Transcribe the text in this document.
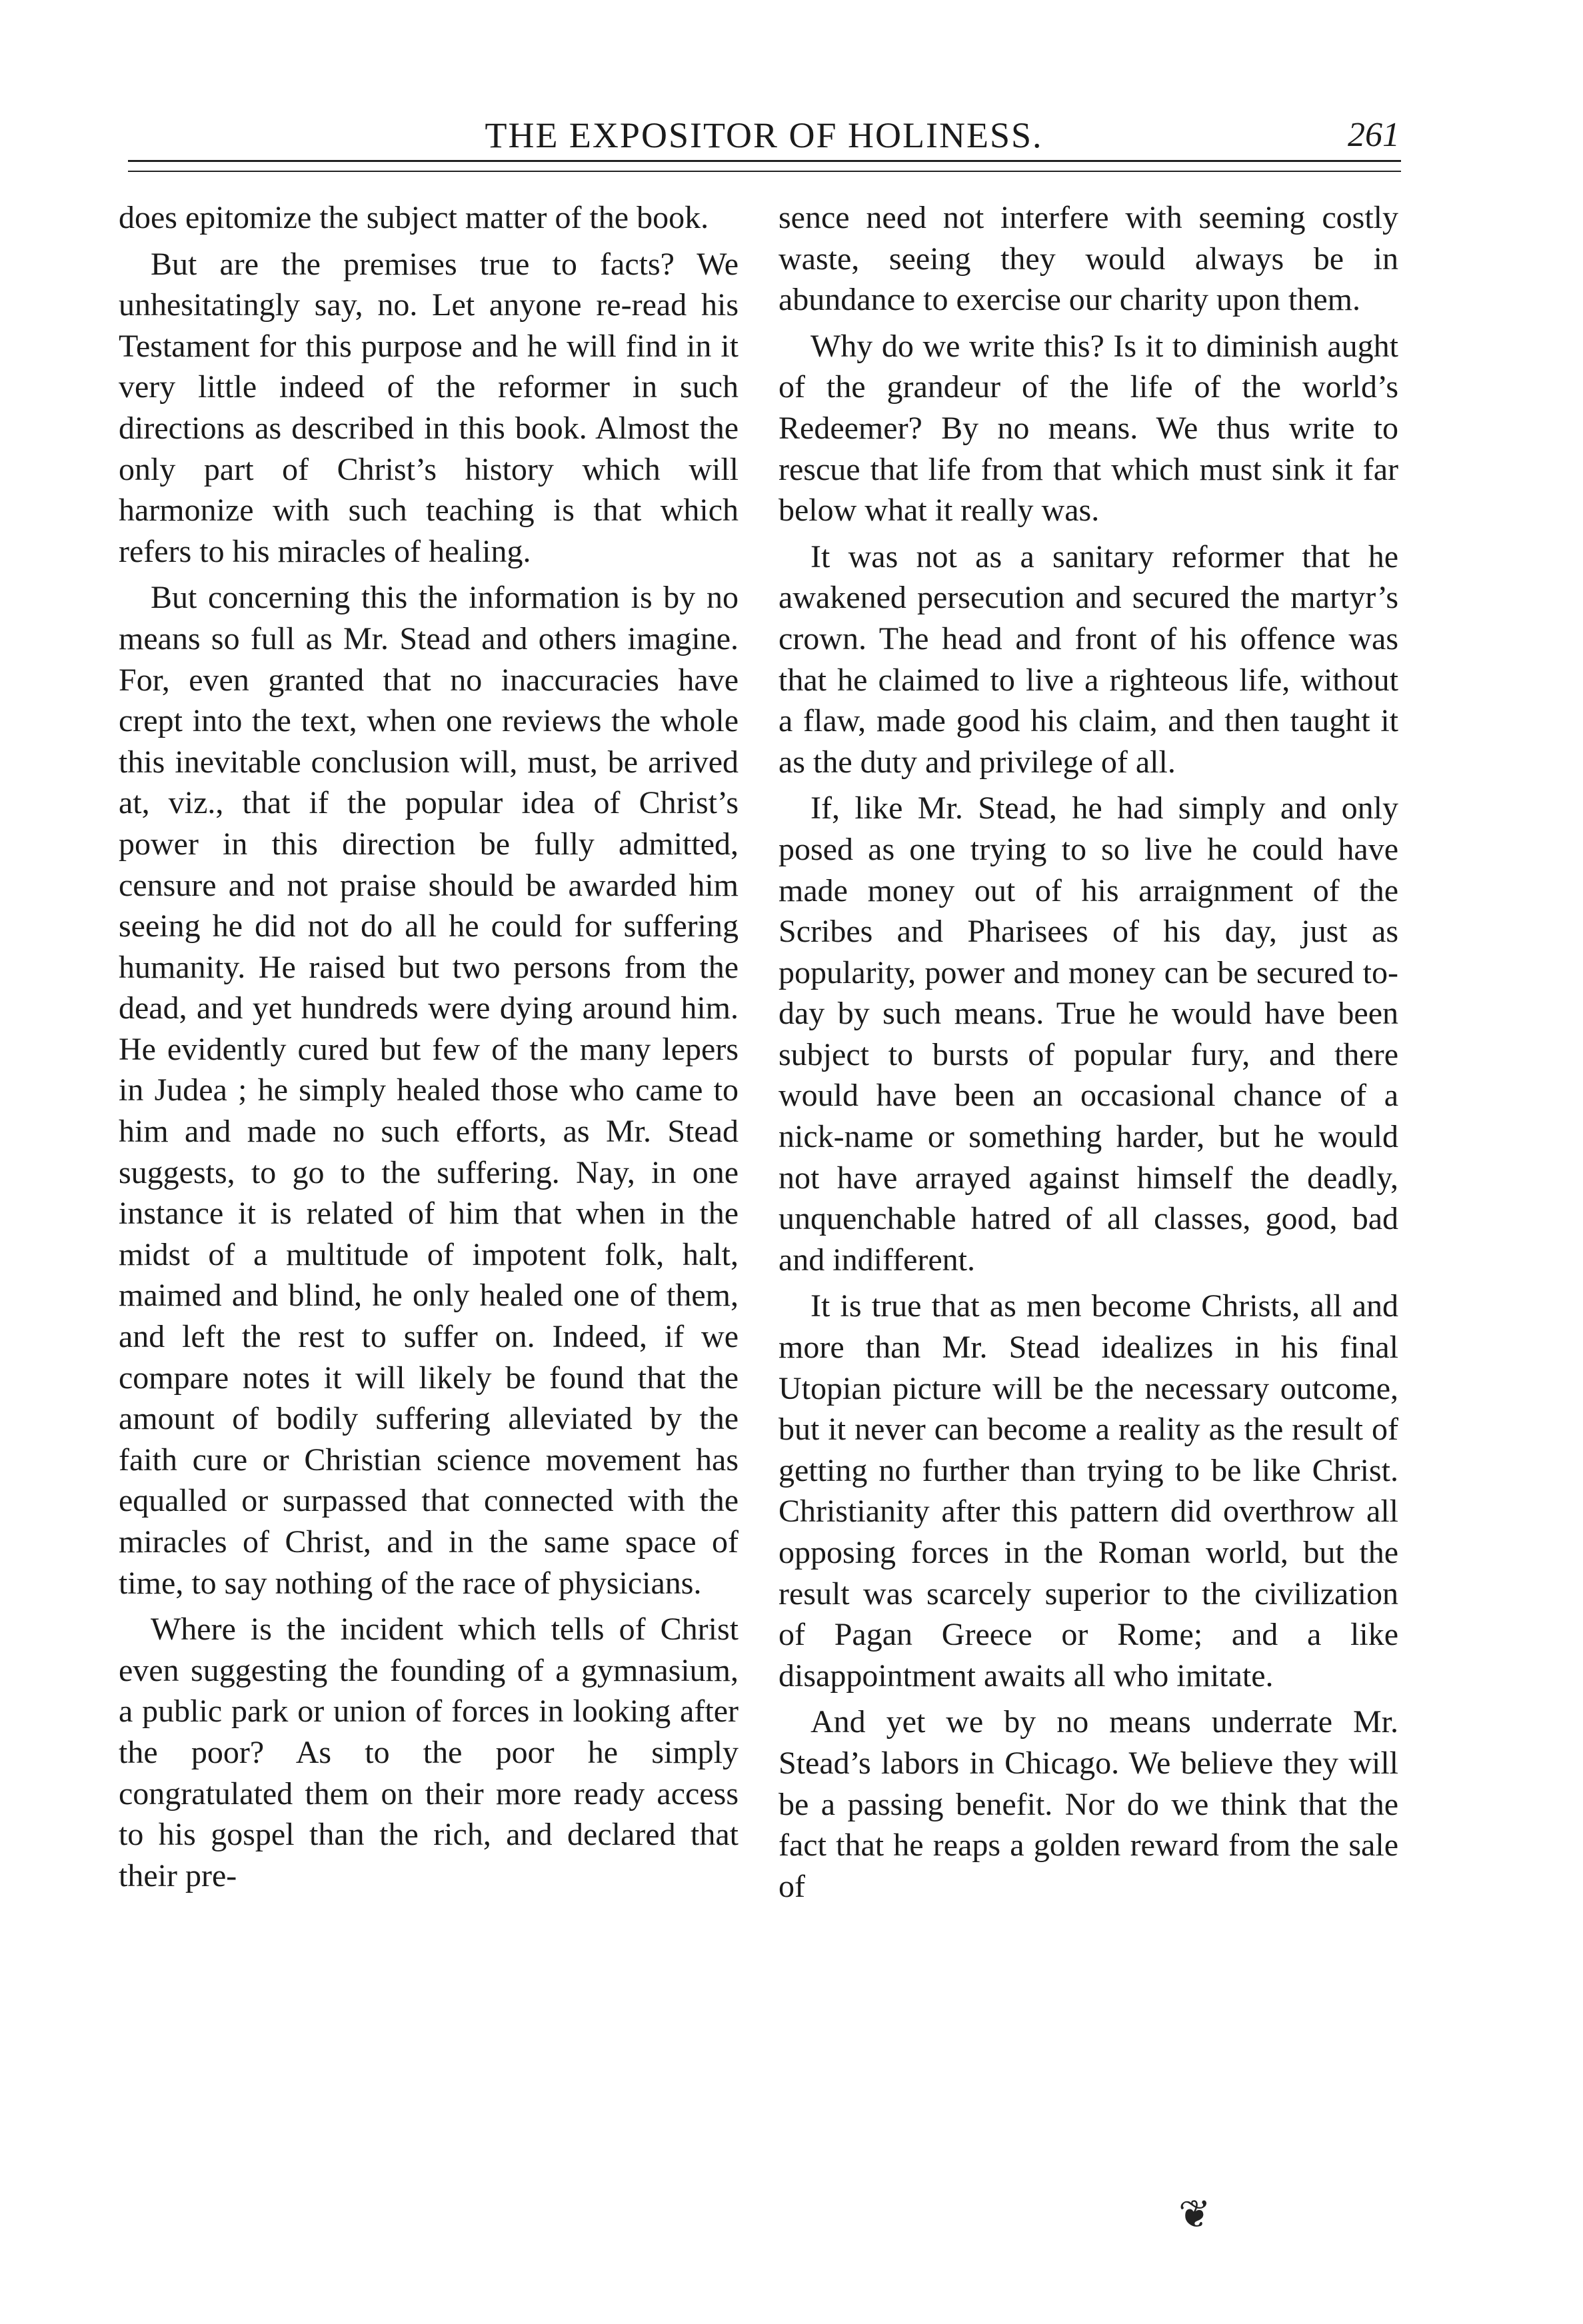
THE EXPOSITOR OF HOLINESS.	261

does epitomize the subject matter of the book.

But are the premises true to facts? We unhesitatingly say, no. Let anyone re-read his Testament for this purpose and he will find in it very little indeed of the reformer in such directions as described in this book. Almost the only part of Christ’s history which will harmonize with such teaching is that which refers to his miracles of healing.

But concerning this the information is by no means so full as Mr. Stead and others imagine. For, even granted that no inaccuracies have crept into the text, when one reviews the whole this inevitable conclusion will, must, be arrived at, viz., that if the popular idea of Christ’s power in this direction be fully admitted, censure and not praise should be awarded him seeing he did not do all he could for suffering humanity. He raised but two persons from the dead, and yet hundreds were dying around him. He evidently cured but few of the many lepers in Judea ; he simply healed those who came to him and made no such efforts, as Mr. Stead suggests, to go to the suffering. Nay, in one instance it is related of him that when in the midst of a multitude of impotent folk, halt, maimed and blind, he only healed one of them, and left the rest to suffer on. Indeed, if we compare notes it will likely be found that the amount of bodily suffering alleviated by the faith cure or Christian science movement has equalled or surpassed that connected with the miracles of Christ, and in the same space of time, to say nothing of the race of physicians.

Where is the incident which tells of Christ even suggesting the founding of a gymnasium, a public park or union of forces in looking after the poor? As to the poor he simply congratulated them on their more ready access to his gospel than the rich, and declared that their pre-

sence need not interfere with seeming costly waste, seeing they would always be in abundance to exercise our charity upon them.

Why do we write this? Is it to diminish aught of the grandeur of the life of the world’s Redeemer? By no means. We thus write to rescue that life from that which must sink it far below what it really was.

It was not as a sanitary reformer that he awakened persecution and secured the martyr’s crown. The head and front of his offence was that he claimed to live a righteous life, without a flaw, made good his claim, and then taught it as the duty and privilege of all.

If, like Mr. Stead, he had simply and only posed as one trying to so live he could have made money out of his arraignment of the Scribes and Pharisees of his day, just as popularity, power and money can be secured to-day by such means. True he would have been subject to bursts of popular fury, and there would have been an occasional chance of a nick-name or something harder, but he would not have arrayed against himself the deadly, unquenchable hatred of all classes, good, bad and indifferent.

It is true that as men become Christs, all and more than Mr. Stead idealizes in his final Utopian picture will be the necessary outcome, but it never can become a reality as the result of getting no further than trying to be like Christ. Christianity after this pattern did overthrow all opposing forces in the Roman world, but the result was scarcely superior to the civilization of Pagan Greece or Rome; and a like disappointment awaits all who imitate.

And yet we by no means underrate Mr. Stead’s labors in Chicago. We believe they will be a passing benefit. Nor do we think that the fact that he reaps a golden reward from the sale of

❦
